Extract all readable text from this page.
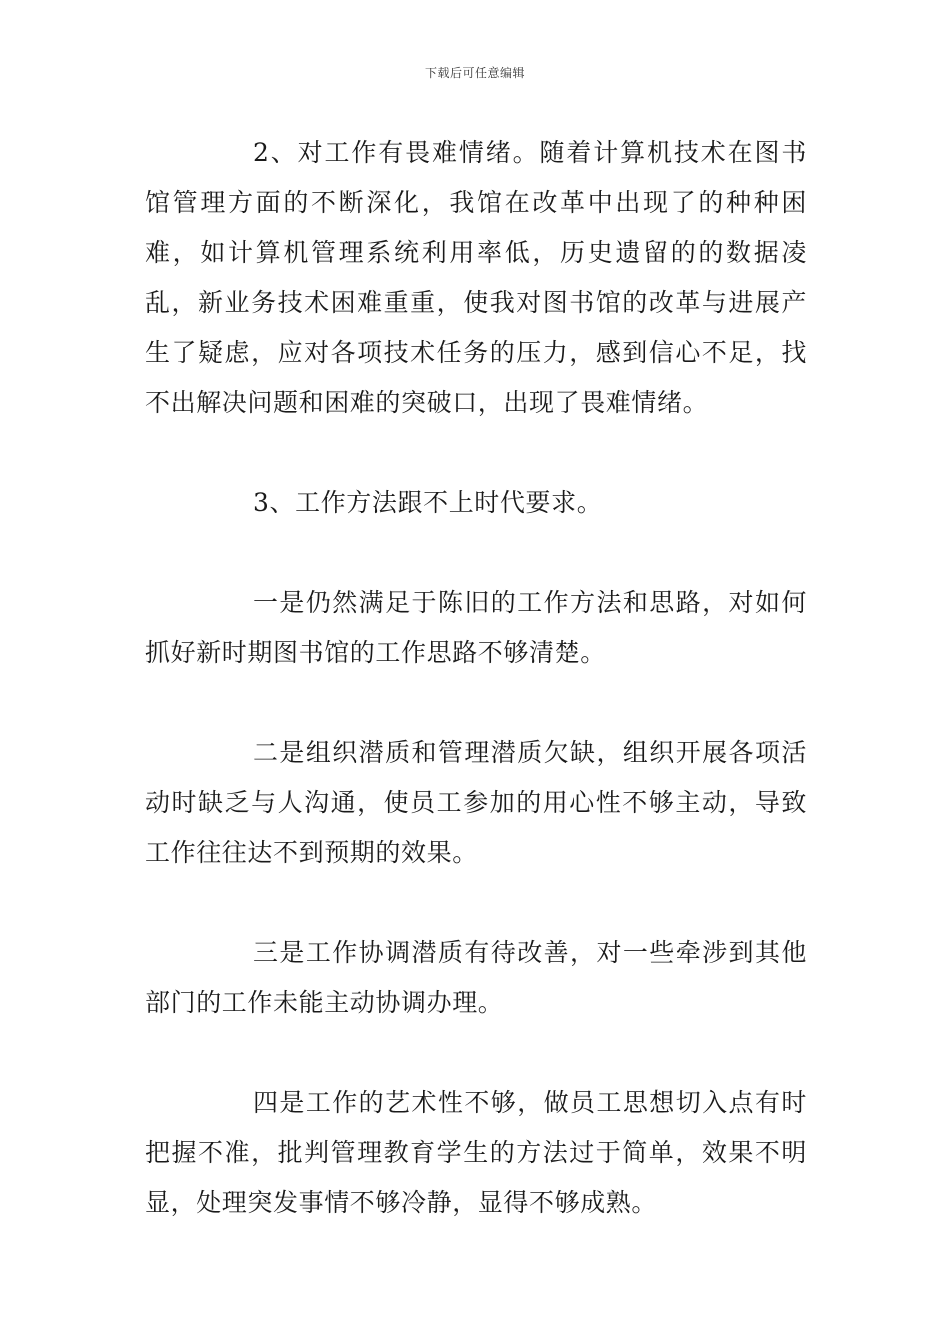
下载后可任意编辑

2、对工作有畏难情绪。随着计算机技术在图书馆管理方面的不断深化，我馆在改革中出现了的种种困难，如计算机管理系统利用率低，历史遗留的的数据凌乱，新业务技术困难重重，使我对图书馆的改革与进展产生了疑虑，应对各项技术任务的压力，感到信心不足，找不出解决问题和困难的突破口，出现了畏难情绪。

3、工作方法跟不上时代要求。

一是仍然满足于陈旧的工作方法和思路，对如何抓好新时期图书馆的工作思路不够清楚。

二是组织潜质和管理潜质欠缺，组织开展各项活动时缺乏与人沟通，使员工参加的用心性不够主动，导致工作往往达不到预期的效果。

三是工作协调潜质有待改善，对一些牵涉到其他部门的工作未能主动协调办理。

四是工作的艺术性不够，做员工思想切入点有时把握不准，批判管理教育学生的方法过于简单，效果不明显，处理突发事情不够冷静，显得不够成熟。
